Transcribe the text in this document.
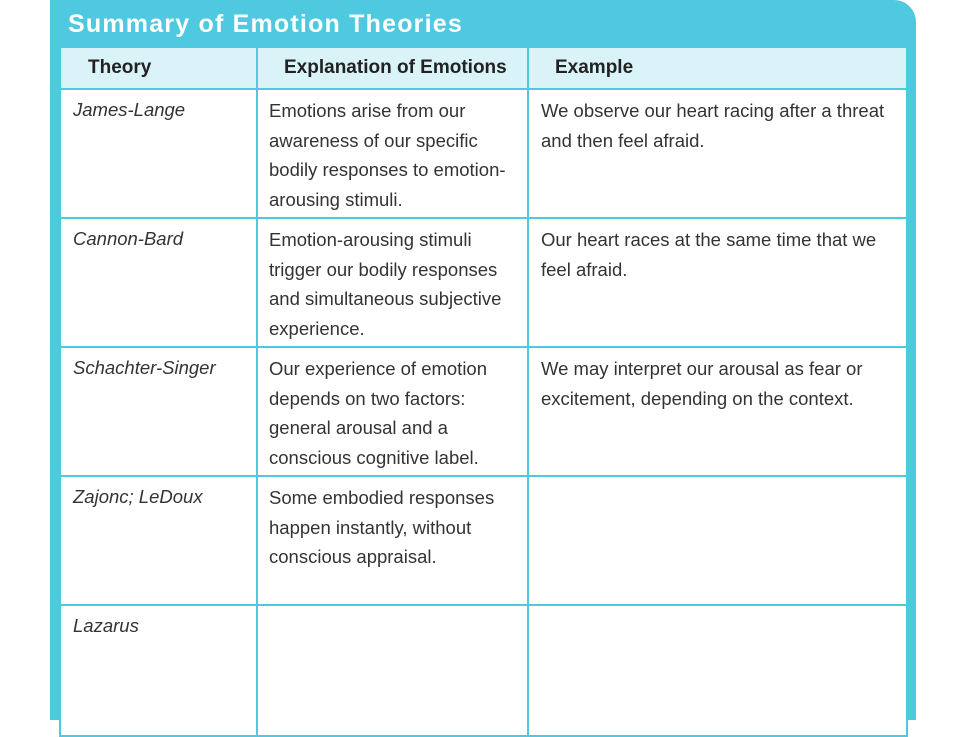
Summary of Emotion Theories
Theory	Explanation of Emotions	Example
James-Lange	Emotions arise from our awareness of our specific bodily responses to emotion-arousing stimuli.	We observe our heart racing after a threat and then feel afraid.
Cannon-Bard	Emotion-arousing stimuli trigger our bodily responses and simultaneous subjective experience.	Our heart races at the same time that we feel afraid.
Schachter-Singer	Our experience of emotion depends on two factors: general arousal and a conscious cognitive label.	We may interpret our arousal as fear or excitement, depending on the context.
Zajonc; LeDoux	Some embodied responses happen instantly, without conscious appraisal.	
Lazarus		
